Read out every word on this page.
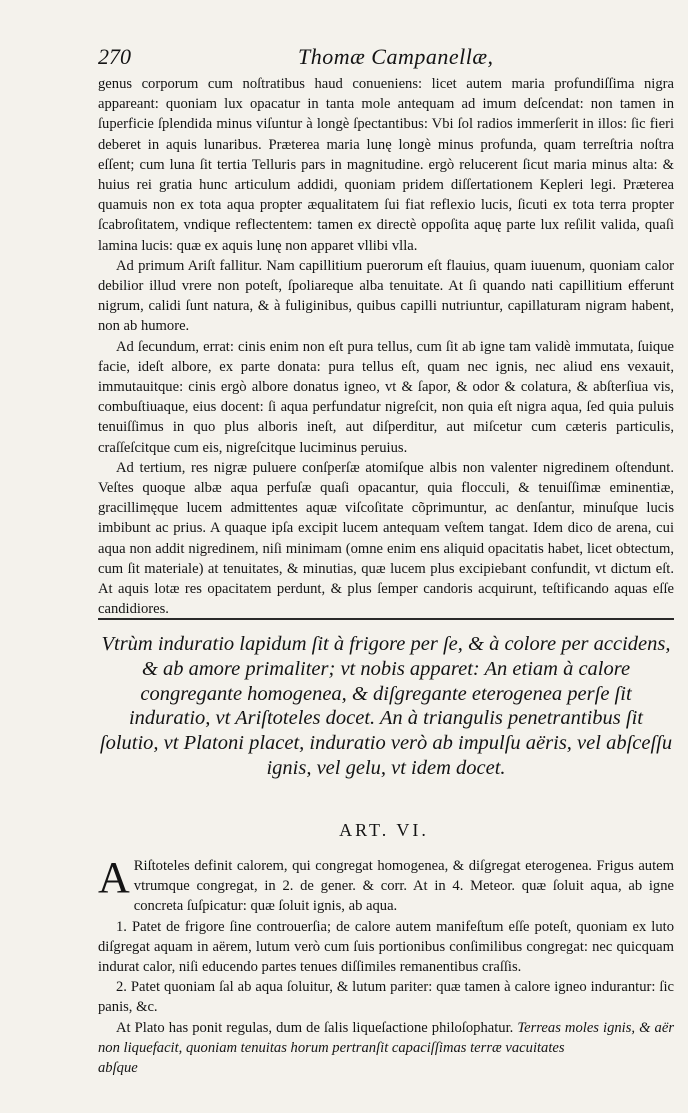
270	Thomæ Campanellæ,

genus corporum cum noſtratibus haud conueniens: licet autem maria profundiſſima nigra appareant: quoniam lux opacatur in tanta mole antequam ad imum deſcendat: non tamen in ſuperficie ſplendida minus viſuntur à longè ſpectantibus: Vbi ſol radios immerſerit in illos: ſic fieri deberet in aquis lunaribus. Præterea maria lunę longè minus profunda, quam terreſtria noſtra eſſent; cum luna ſit tertia Telluris pars in magnitudine. ergò relucerent ſicut maria minus alta: & huius rei gratia hunc articulum addidi, quoniam pridem diſſertationem Kepleri legi. Præterea quamuis non ex tota aqua propter æqualitatem ſui fiat reflexio lucis, ſicuti ex tota terra propter ſcabroſitatem, vndique reflectentem: tamen ex directè oppoſita aquę parte lux reſilit valida, quaſi lamina lucis: quæ ex aquis lunę non apparet vllibi vlla.

Ad primum Ariſt fallitur. Nam capillitium puerorum eſt flauius, quam iuuenum, quoniam calor debilior illud vrere non poteſt, ſpoliareque alba tenuitate. At ſi quando nati capillitium efferunt nigrum, calidi ſunt natura, & à fuliginibus, quibus capilli nutriuntur, capillaturam nigram habent, non ab humore.

Ad ſecundum, errat: cinis enim non eſt pura tellus, cum ſit ab igne tam validè immutata, ſuique facie, ideſt albore, ex parte donata: pura tellus eſt, quam nec ignis, nec aliud ens vexauit, immutauitque: cinis ergò albore donatus igneo, vt & ſapor, & odor & colatura, & abſterſiua vis, combuſtiuaque, eius docent: ſi aqua perfundatur nigreſcit, non quia eſt nigra aqua, ſed quia puluis tenuiſſimus in quo plus alboris ineſt, aut diſperditur, aut miſcetur cum cæteris particulis, craſſeſcitque cum eis, nigreſcitque luciminus peruius.

Ad tertium, res nigræ puluere conſperſæ atomiſque albis non valenter nigredinem oſtendunt. Veſtes quoque albæ aqua perfuſæ quaſi opacantur, quia flocculi, & tenuiſſimæ eminentiæ, gracillimęque lucem admittentes aquæ viſcoſitate cõprimuntur, ac denſantur, minuſque lucis imbibunt ac prius. A quaque ipſa excipit lucem antequam veſtem tangat. Idem dico de arena, cui aqua non addit nigredinem, niſi minimam (omne enim ens aliquid opacitatis habet, licet obtectum, cum ſit materiale) at tenuitates, & minutias, quæ lucem plus excipiebant confundit, vt dictum eſt. At aquis lotæ res opacitatem perdunt, & plus ſemper candoris acquirunt, teſtificando aquas eſſe candidiores.

Vtrùm induratio lapidum ſit à frigore per ſe, & à colore per accidens, & ab amore primaliter; vt nobis apparet: An etiam à calore congregante homogenea, & diſgregante eterogenea perſe ſit induratio, vt Ariſtoteles docet. An à triangulis penetrantibus ſit ſolutio, vt Platoni placet, induratio verò ab impulſu aëris, vel abſceſſu ignis, vel gelu, vt idem docet.
ART. VI.

A Riſtoteles definit calorem, qui congregat homogenea, & diſgregat eterogenea. Frigus autem vtrumque congregat, in 2. de gener. & corr. At in 4. Meteor. quæ ſoluit aqua, ab igne concreta ſuſpicatur: quæ ſoluit ignis, ab aqua.

1. Patet de frigore ſine controuerſia; de calore autem manifeſtum eſſe poteſt, quoniam ex luto diſgregat aquam in aërem, lutum verò cum ſuis portionibus conſimilibus congregat: nec quicquam indurat calor, niſi educendo partes tenues diſſimiles remanentibus craſſis.

2. Patet quoniam ſal ab aqua ſoluitur, & lutum pariter: quæ tamen à calore igneo indurantur: ſic panis, &c.

At Plato has ponit regulas, dum de ſalis liqueſactione philoſophatur. Terreas moles ignis, & aër non liquefacit, quoniam tenuitas horum pertranſit capaciſſimas terræ vacuitates

abſque
